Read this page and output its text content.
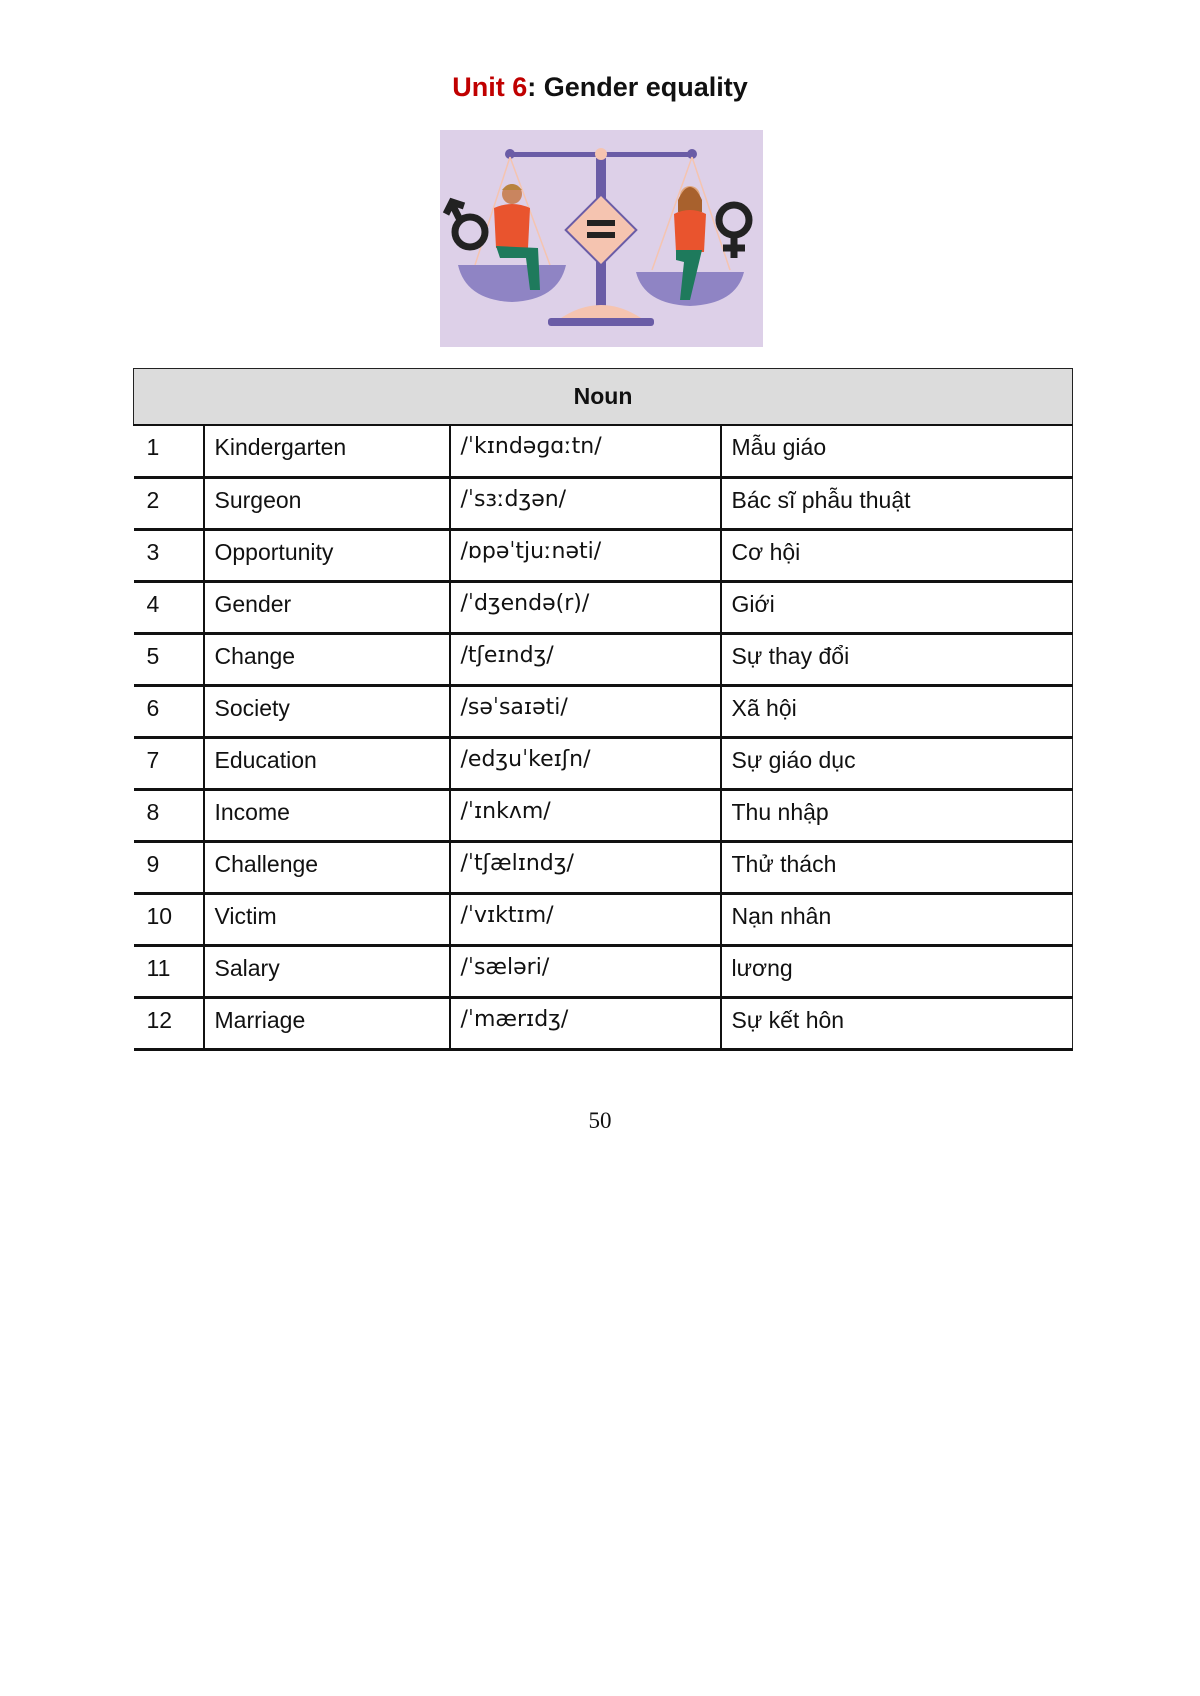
Unit 6: Gender equality
Noun			
1	Kindergarten	/ˈkɪndəɡɑːtn/	Mẫu giáo
2	Surgeon	/ˈsɜːdʒən/	Bác sĩ phẫu thuật
3	Opportunity	/ɒpəˈtjuːnəti/	Cơ hội
4	Gender	/ˈdʒendə(r)/	Giới
5	Change	/tʃeɪndʒ/	Sự thay đổi
6	Society	/səˈsaɪəti/	Xã hội
7	Education	/edʒuˈkeɪʃn/	Sự giáo dục
8	Income	/ˈɪnkʌm/	Thu nhập
9	Challenge	/ˈtʃælɪndʒ/	Thử thách
10	Victim	/ˈvɪktɪm/	Nạn nhân
11	Salary	/ˈsæləri/	lương
12	Marriage	/ˈmærɪdʒ/	Sự kết hôn
50
